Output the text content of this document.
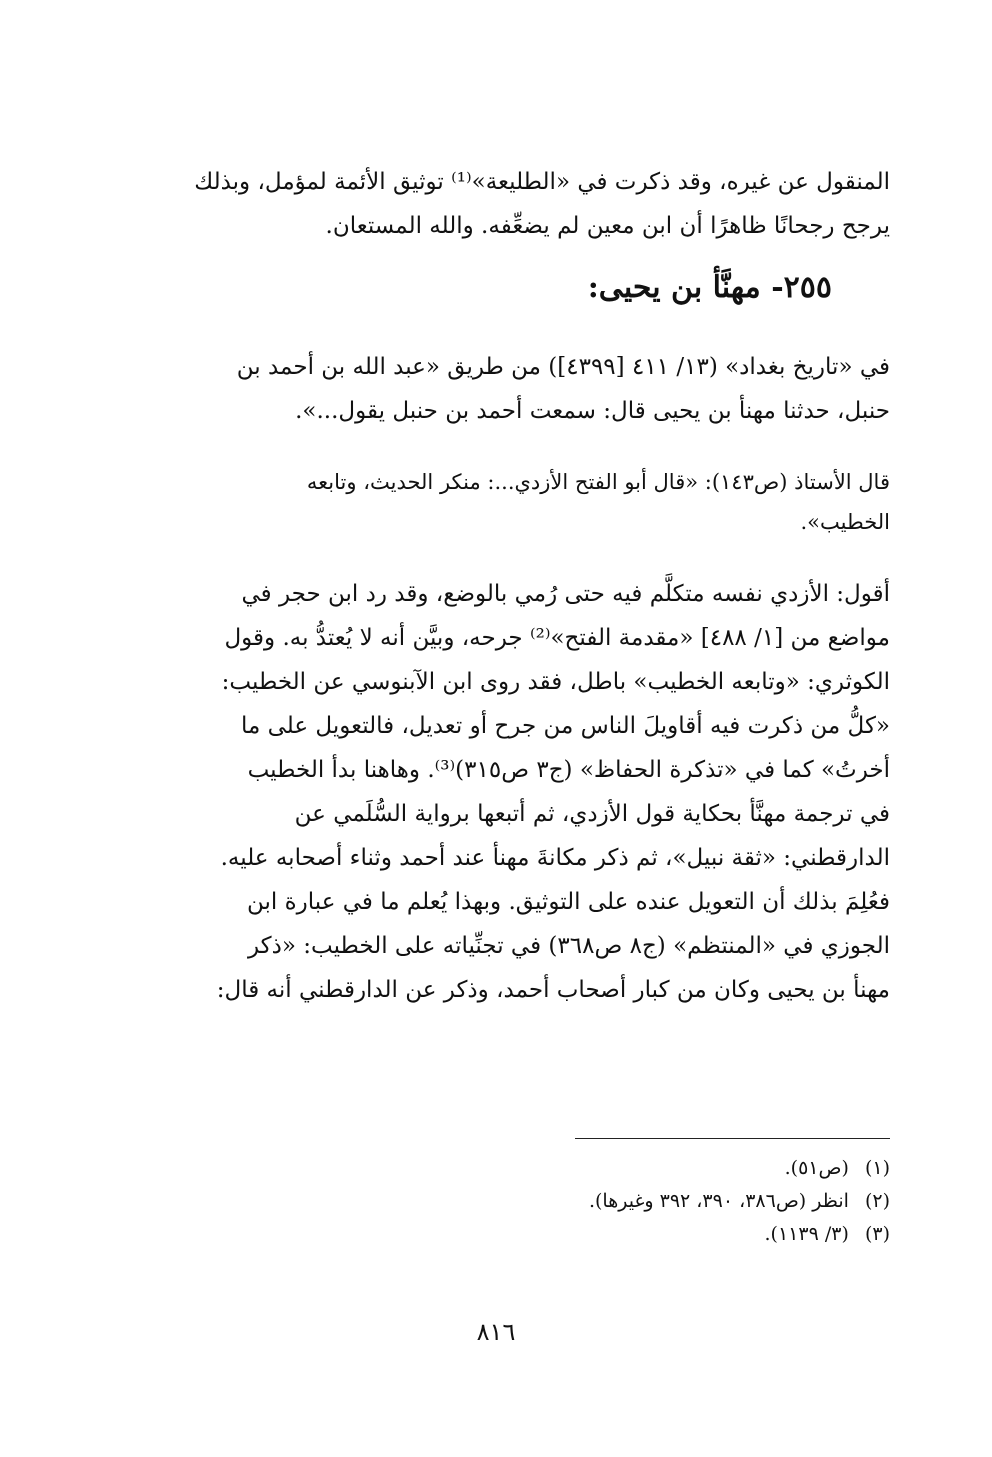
المنقول عن غيره، وقد ذكرت في «الطليعة»⁽¹⁾ توثيق الأئمة لمؤمل، وبذلك
يرجح رجحانًا ظاهرًا أن ابن معين لم يضعِّفه. والله المستعان.
٢٥٥- مهنَّأ بن يحيى:
في «تاريخ بغداد» (١٣/ ٤١١ [٤٣٩٩]) من طريق «عبد الله بن أحمد بن
حنبل، حدثنا مهنأ بن يحيى قال: سمعت أحمد بن حنبل يقول...».
قال الأستاذ (ص١٤٣): «قال أبو الفتح الأزدي...: منكر الحديث، وتابعه
الخطيب».
أقول: الأزدي نفسه متكلَّم فيه حتى رُمي بالوضع، وقد رد ابن حجر في
مواضع من [١/ ٤٨٨] «مقدمة الفتح»⁽²⁾ جرحه، وبيَّن أنه لا يُعتدُّ به. وقول
الكوثري: «وتابعه الخطيب» باطل، فقد روى ابن الآبنوسي عن الخطيب:
«كلُّ من ذكرت فيه أقاويلَ الناس من جرح أو تعديل، فالتعويل على ما
أخرتُ» كما في «تذكرة الحفاظ» (ج٣ ص٣١٥)⁽³⁾. وهاهنا بدأ الخطيب
في ترجمة مهنَّأ بحكاية قول الأزدي، ثم أتبعها برواية السُّلَمي عن
الدارقطني: «ثقة نبيل»، ثم ذكر مكانةَ مهنأ عند أحمد وثناء أصحابه عليه.
فعُلِمَ بذلك أن التعويل عنده على التوثيق. وبهذا يُعلم ما في عبارة ابن
الجوزي في «المنتظم» (ج٨ ص٣٦٨) في تجنِّياته على الخطيب: «ذكر
مهنأ بن يحيى وكان من كبار أصحاب أحمد، وذكر عن الدارقطني أنه قال:
(١) (ص٥١).
(٢) انظر (ص٣٨٦، ٣٩٠، ٣٩٢ وغيرها).
(٣) (٣/ ١١٣٩).
٨١٦
